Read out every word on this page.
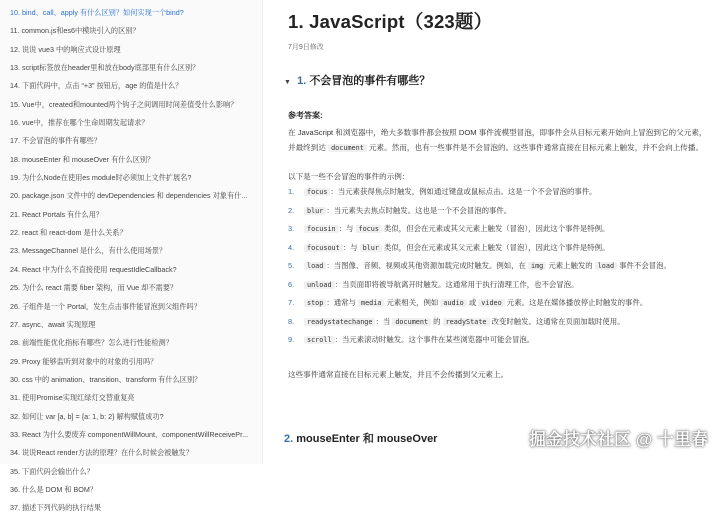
10. bind、call、apply 有什么区别？如何实现一个bind?
11. common.js和es6中模块引入的区别？
12. 说说 vue3 中的响应式设计原理
13. script标签放在header里和放在body底部里有什么区别？
14. 下面代码中，点击 “+3” 按钮后，age 的值是什么？
15. Vue中，created和mounted两个钩子之间调用时间差值受什么影响？
16. vue中，推荐在哪个生命周期发起请求？
17. 不会冒泡的事件有哪些？
18. mouseEnter 和 mouseOver 有什么区别？
19. 为什么Node在使用es module时必须加上文件扩展名?
20. package.json 文件中的 devDependencies 和 dependencies 对象有什...
21. React Portals 有什么用？
22. react 和 react-dom 是什么关系？
23. MessageChannel 是什么，有什么使用场景？
24. React 中为什么不直接使用 requestIdleCallback?
25. 为什么 react 需要 fiber 架构，而 Vue 却不需要？
26. 子组件是一个 Portal，发生点击事件能冒泡到父组件吗？
27. async、await 实现原理
28. 前端性能优化指标有哪些？怎么进行性能检测？
29. Proxy 能够监听到对象中的对象的引用吗？
30. css 中的 animation、transition、transform 有什么区别？
31. 使用Promise实现红绿灯交替重复亮
32. 如何让 var [a, b] = {a: 1, b: 2} 解构赋值成功?
33. React 为什么要废弃 componentWillMount、componentWillReceivePr...
34. 说说React render方法的原理？在什么时候会被触发？
35. 下面代码会输出什么？
36. 什么是 DOM 和 BOM？
37. 描述下列代码的执行结果
1. JavaScript（323题）
7月9日修改
▼ 1. 不会冒泡的事件有哪些？
参考答案:
在 JavaScript 和浏览器中，绝大多数事件都会按照 DOM 事件流模型冒泡，即事件会从目标元素开始向上冒泡到它的父元素，并最终到达 document 元素。然而，也有一些事件是不会冒泡的。这些事件通常直接在目标元素上触发，并不会向上传播。
以下是一些不会冒泡的事件的示例：
1. focus ：当元素获得焦点时触发，例如通过键盘或鼠标点击。这是一个不会冒泡的事件。
2. blur ：当元素失去焦点时触发。这也是一个不会冒泡的事件。
3. focusin ：与 focus 类似，但会在元素或其父元素上触发（冒泡），因此这个事件是特例。
4. focusout ：与 blur 类似，但会在元素或其父元素上触发（冒泡），因此这个事件是特例。
5. load ：当图像、音频、视频或其他资源加载完成时触发。例如，在 img 元素上触发的 load 事件不会冒泡。
6. unload ：当页面即将被导航离开时触发。这通常用于执行清理工作，也不会冒泡。
7. stop ：通常与 media 元素相关，例如 audio 或 video 元素。这是在媒体播放停止时触发的事件。
8. readystatechange ：当 document 的 readyState 改变时触发。这通常在页面加载时使用。
9. scroll ：当元素滚动时触发。这个事件在某些浏览器中可能会冒泡。
这些事件通常直接在目标元素上触发，并且不会传播到父元素上。
2. mouseEnter 和 mouseOver	掘金技术社区 @ 十里春
